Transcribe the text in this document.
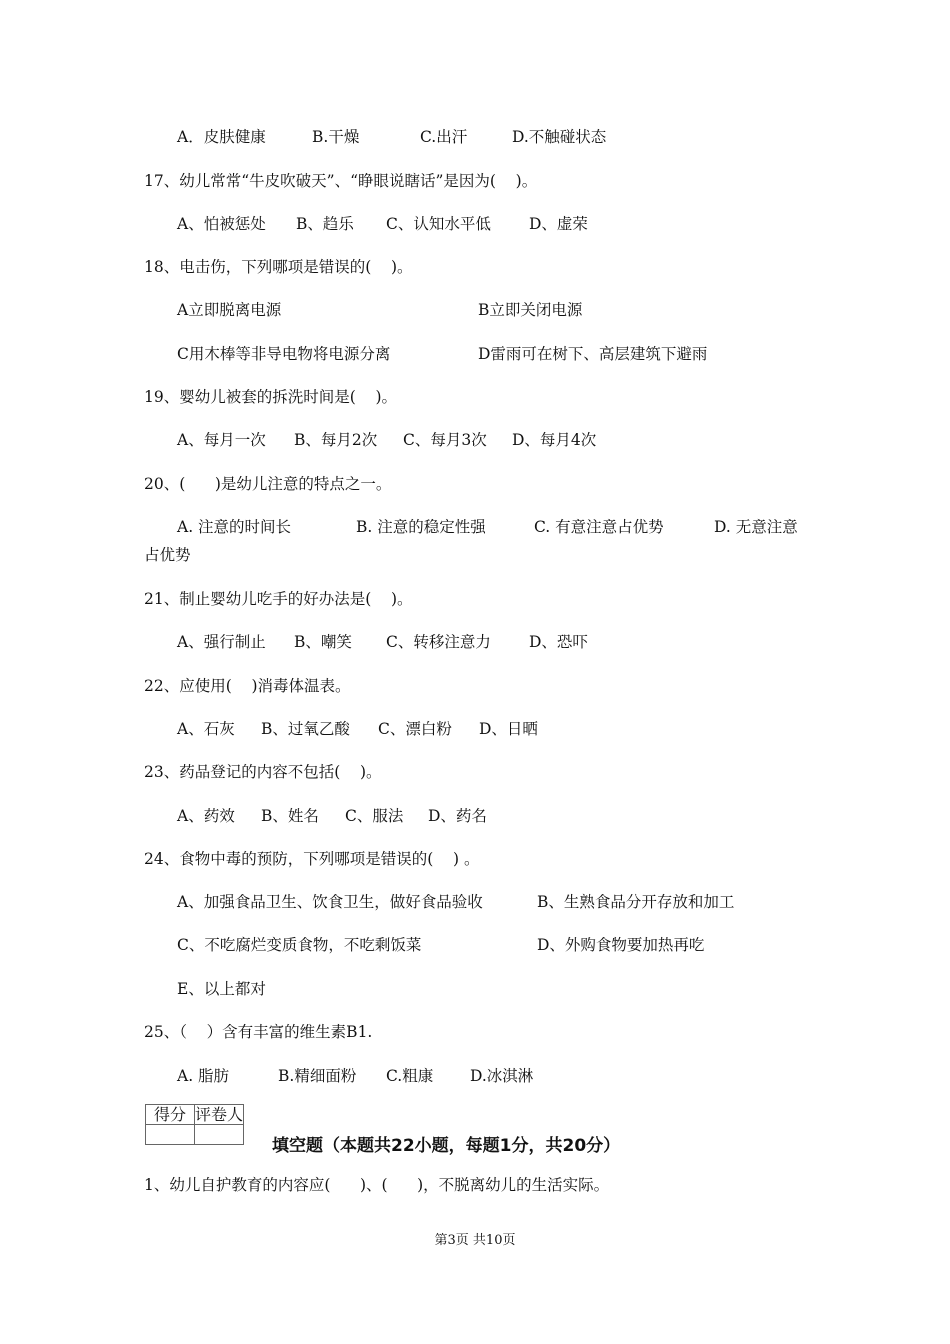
A．皮肤健康	B.干燥	C.出汗	D.不触碰状态
17、幼儿常常“牛皮吹破天”、“睁眼说瞎话”是因为(    )。
A、怕被惩处 B、趋乐 C、认知水平低 D、虚荣
18、电击伤，下列哪项是错误的(    )。
A立即脱离电源	B立即关闭电源
C用木棒等非导电物将电源分离	D雷雨可在树下、高层建筑下避雨
19、婴幼儿被套的拆洗时间是(    )。
A、每月一次 B、每月2次 C、每月3次 D、每月4次
20、(      )是幼儿注意的特点之一。
A. 注意的时间长	B. 注意的稳定性强	C. 有意注意占优势	D. 无意注意
占优势
21、制止婴幼儿吃手的好办法是(    )。
A、强行制止 B、嘲笑 C、转移注意力 D、恐吓
22、应使用(    )消毒体温表。
A、石灰 B、过氧乙酸 C、漂白粉 D、日晒
23、药品登记的内容不包括(    )。
A、药效 B、姓名 C、服法 D、药名
24、食物中毒的预防，下列哪项是错误的(    ) 。
A、加强食品卫生、饮食卫生，做好食品验收	B、生熟食品分开存放和加工
C、不吃腐烂变质食物，不吃剩饭菜	D、外购食物要加热再吃
E、以上都对
25、（    ）含有丰富的维生素B1.
A. 脂肪	B.精细面粉 C.粗康 D.冰淇淋
得分	评卷人

填空题（本题共22小题，每题1分，共20分）
1、幼儿自护教育的内容应(      )、(      )，不脱离幼儿的生活实际。
第3页 共10页
